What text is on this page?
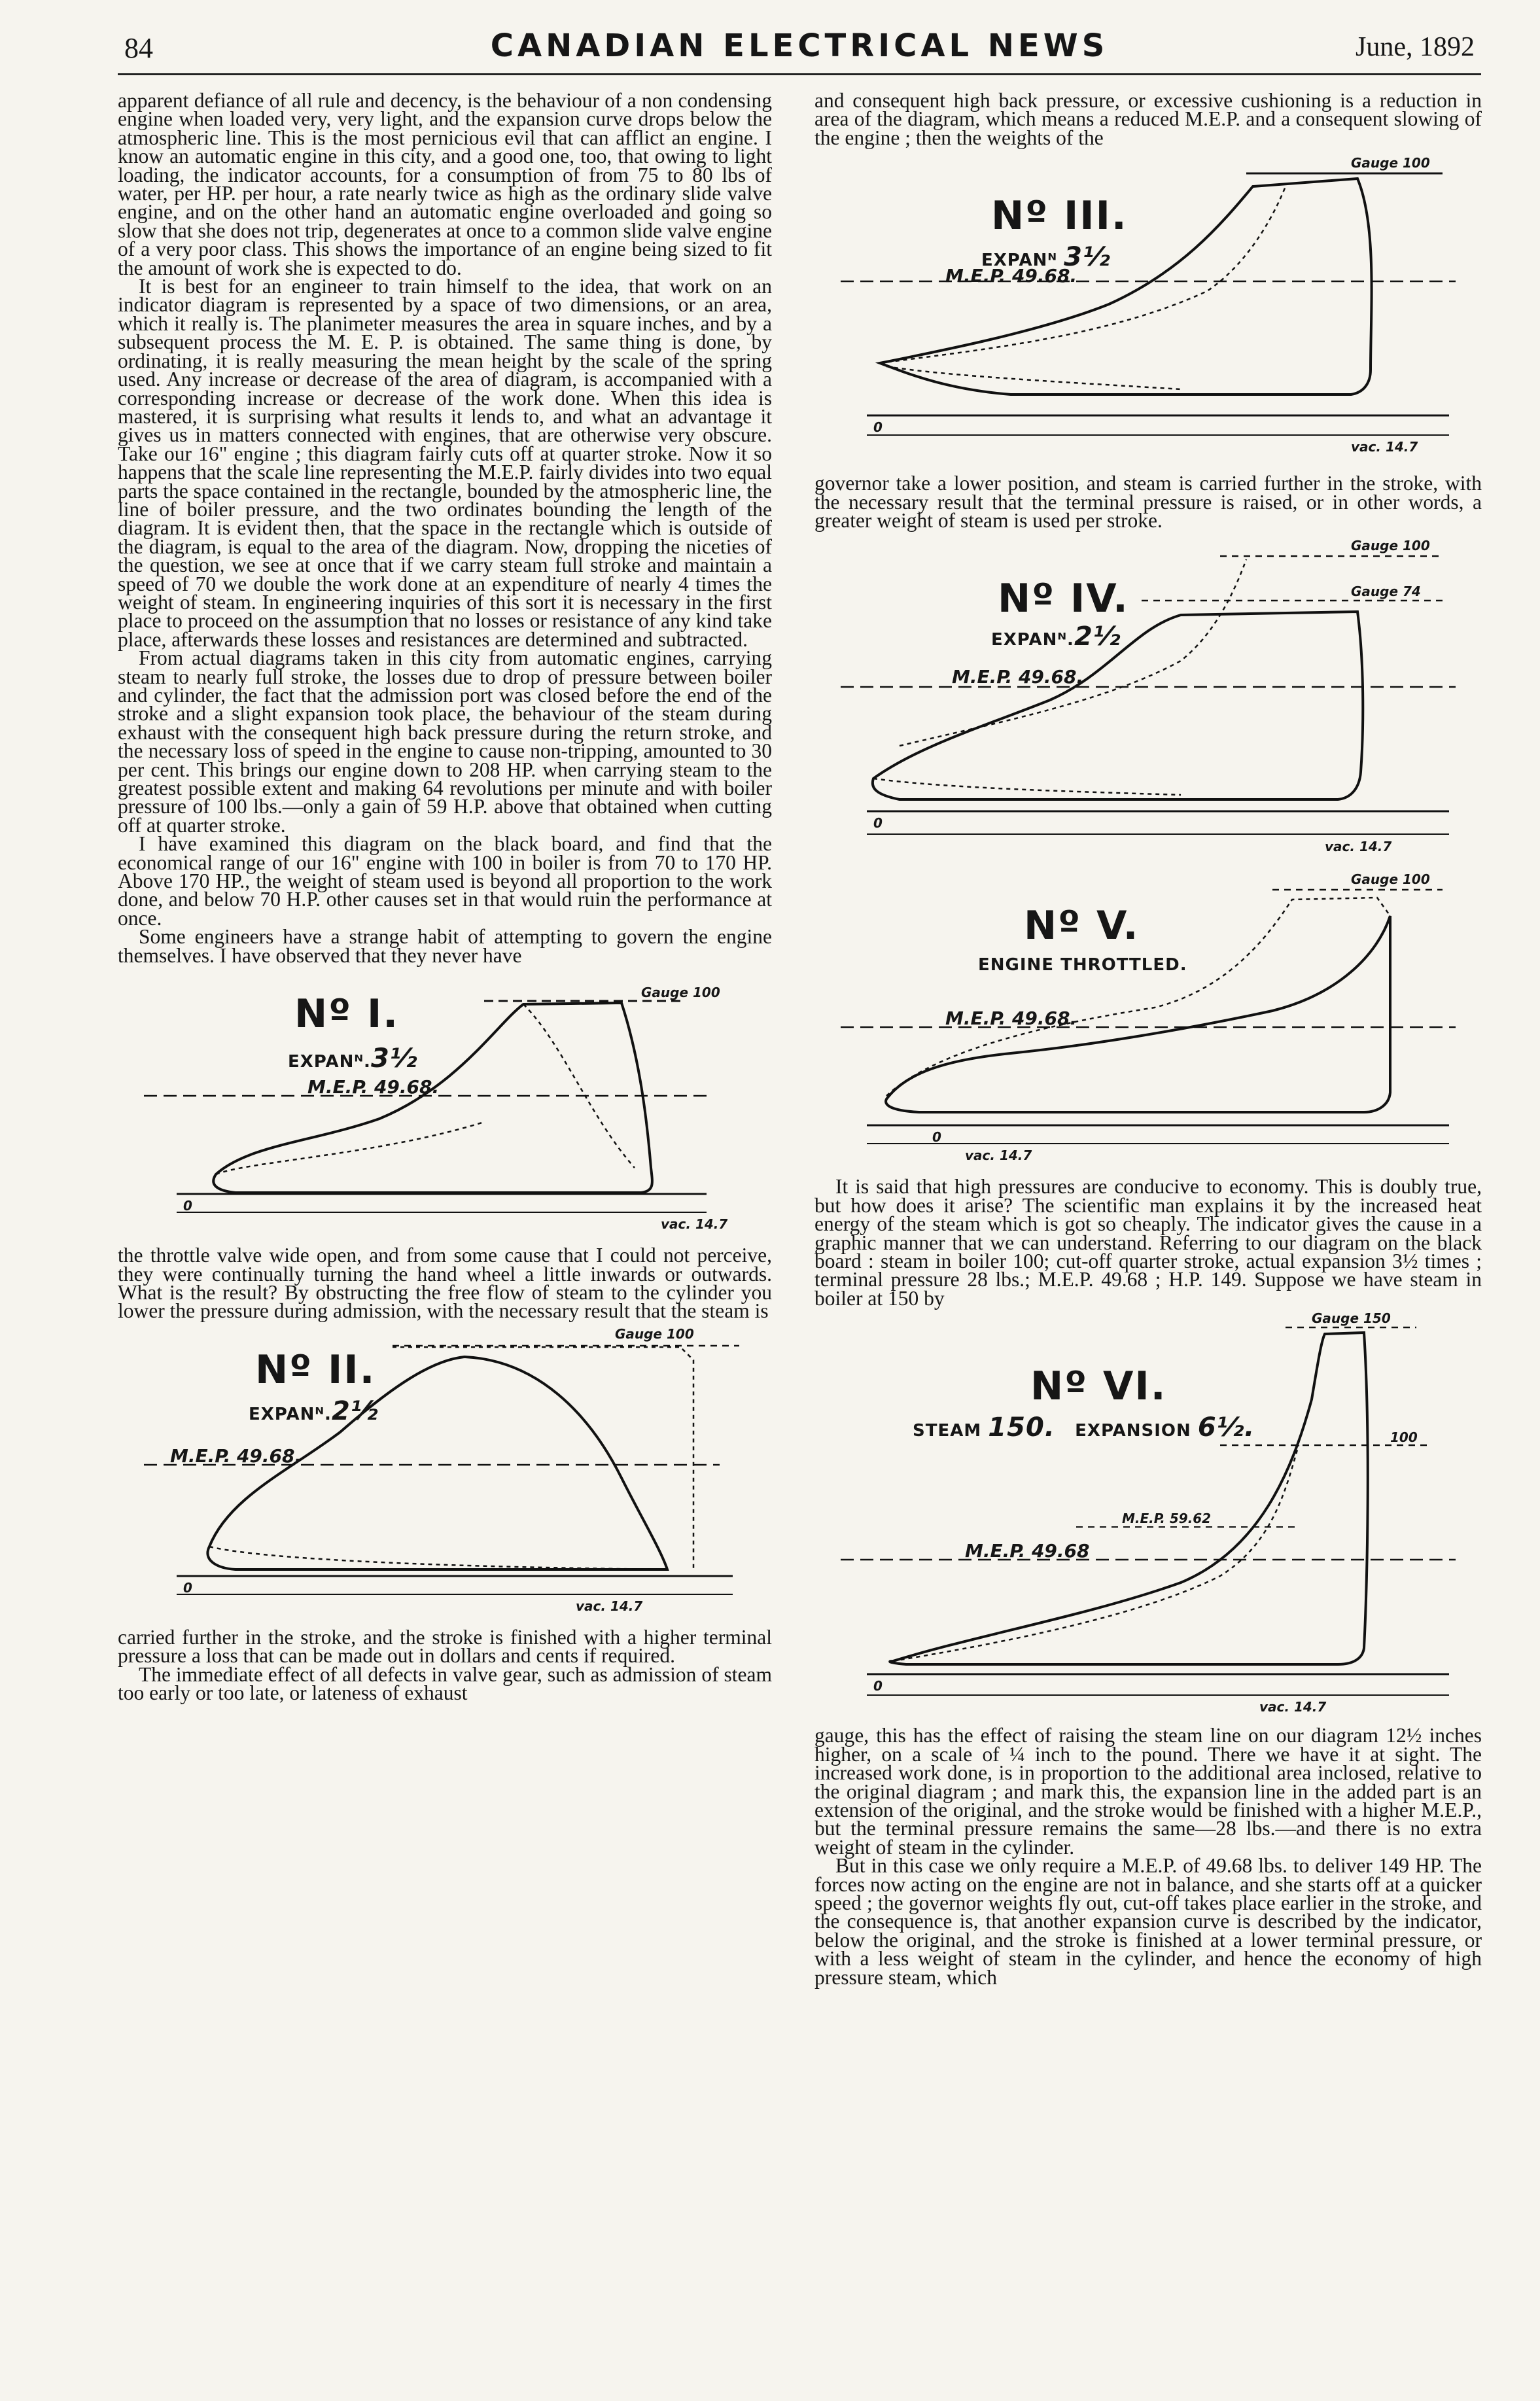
84	CANADIAN ELECTRICAL NEWS	June, 1892

apparent defiance of all rule and decency, is the behaviour of a non condensing engine when loaded very, very light, and the expansion curve drops below the atmospheric line. This is the most pernicious evil that can afflict an engine. I know an automatic engine in this city, and a good one, too, that owing to light loading, the indicator accounts, for a consumption of from 75 to 80 lbs of water, per HP. per hour, a rate nearly twice as high as the ordinary slide valve engine, and on the other hand an automatic engine overloaded and going so slow that she does not trip, degenerates at once to a common slide valve engine of a very poor class. This shows the importance of an engine being sized to fit the amount of work she is expected to do.

It is best for an engineer to train himself to the idea, that work on an indicator diagram is represented by a space of two dimensions, or an area, which it really is. The planimeter measures the area in square inches, and by a subsequent process the M. E. P. is obtained. The same thing is done, by ordinating, it is really measuring the mean height by the scale of the spring used. Any increase or decrease of the area of diagram, is accompanied with a corresponding increase or decrease of the work done. When this idea is mastered, it is surprising what results it lends to, and what an advantage it gives us in matters connected with engines, that are otherwise very obscure. Take our 16" engine ; this diagram fairly cuts off at quarter stroke. Now it so happens that the scale line representing the M.E.P. fairly divides into two equal parts the space contained in the rectangle, bounded by the atmospheric line, the line of boiler pressure, and the two ordinates bounding the length of the diagram. It is evident then, that the space in the rectangle which is outside of the diagram, is equal to the area of the diagram. Now, dropping the niceties of the question, we see at once that if we carry steam full stroke and maintain a speed of 70 we double the work done at an expenditure of nearly 4 times the weight of steam. In engineering inquiries of this sort it is necessary in the first place to proceed on the assumption that no losses or resistance of any kind take place, afterwards these losses and resistances are determined and subtracted.

From actual diagrams taken in this city from automatic engines, carrying steam to nearly full stroke, the losses due to drop of pressure between boiler and cylinder, the fact that the admission port was closed before the end of the stroke and a slight expansion took place, the behaviour of the steam during exhaust with the consequent high back pressure during the return stroke, and the necessary loss of speed in the engine to cause non-tripping, amounted to 30 per cent. This brings our engine down to 208 HP. when carrying steam to the greatest possible extent and making 64 revolutions per minute and with boiler pressure of 100 lbs.—only a gain of 59 H.P. above that obtained when cutting off at quarter stroke.

I have examined this diagram on the black board, and find that the economical range of our 16" engine with 100 in boiler is from 70 to 170 HP. Above 170 HP., the weight of steam used is beyond all proportion to the work done, and below 70 H.P. other causes set in that would ruin the performance at once.

Some engineers have a strange habit of attempting to govern the engine themselves. I have observed that they never have

Nº I.
EXPANᴺ.3½
M.E.P. 49.68.
Gauge 100
vac. 14.7
0

the throttle valve wide open, and from some cause that I could not perceive, they were continually turning the hand wheel a little inwards or outwards. What is the result? By obstructing the free flow of steam to the cylinder you lower the pressure during admission, with the necessary result that the steam is

Nº II.
EXPANᴺ.2½
M.E.P. 49.68.
Gauge 100
vac. 14.7
0

carried further in the stroke, and the stroke is finished with a higher terminal pressure a loss that can be made out in dollars and cents if required.

The immediate effect of all defects in valve gear, such as admission of steam too early or too late, or lateness of exhaust

and consequent high back pressure, or excessive cushioning is a reduction in area of the diagram, which means a reduced M.E.P. and a consequent slowing of the engine ; then the weights of the

Nº III.
EXPANᴺ 3½
M.E.P. 49.68.
Gauge 100
vac. 14.7
0

governor take a lower position, and steam is carried further in the stroke, with the necessary result that the terminal pressure is raised, or in other words, a greater weight of steam is used per stroke.

Nº IV.
EXPANᴺ.2½
M.E.P. 49.68.
Gauge 100
Gauge 74
vac. 14.7
0
Nº V.
ENGINE THROTTLED.
M.E.P. 49.68.
Gauge 100
vac. 14.7
0

It is said that high pressures are conducive to economy. This is doubly true, but how does it arise? The scientific man explains it by the increased heat energy of the steam which is got so cheaply. The indicator gives the cause in a graphic manner that we can understand. Referring to our diagram on the black board : steam in boiler 100; cut-off quarter stroke, actual expansion 3½ times ; terminal pressure 28 lbs.; M.E.P. 49.68 ; H.P. 149. Suppose we have steam in boiler at 150 by

Nº VI.
STEAM 150. EXPANSION 6½.
M.E.P. 49.68
M.E.P. 59.62
Gauge 150
100
vac. 14.7
0

gauge, this has the effect of raising the steam line on our diagram 12½ inches higher, on a scale of ¼ inch to the pound. There we have it at sight. The increased work done, is in proportion to the additional area inclosed, relative to the original diagram ; and mark this, the expansion line in the added part is an extension of the original, and the stroke would be finished with a higher M.E.P., but the terminal pressure remains the same—28 lbs.—and there is no extra weight of steam in the cylinder.

But in this case we only require a M.E.P. of 49.68 lbs. to deliver 149 HP. The forces now acting on the engine are not in balance, and she starts off at a quicker speed ; the governor weights fly out, cut-off takes place earlier in the stroke, and the consequence is, that another expansion curve is described by the indicator, below the original, and the stroke is finished at a lower terminal pressure, or with a less weight of steam in the cylinder, and hence the economy of high pressure steam, which
